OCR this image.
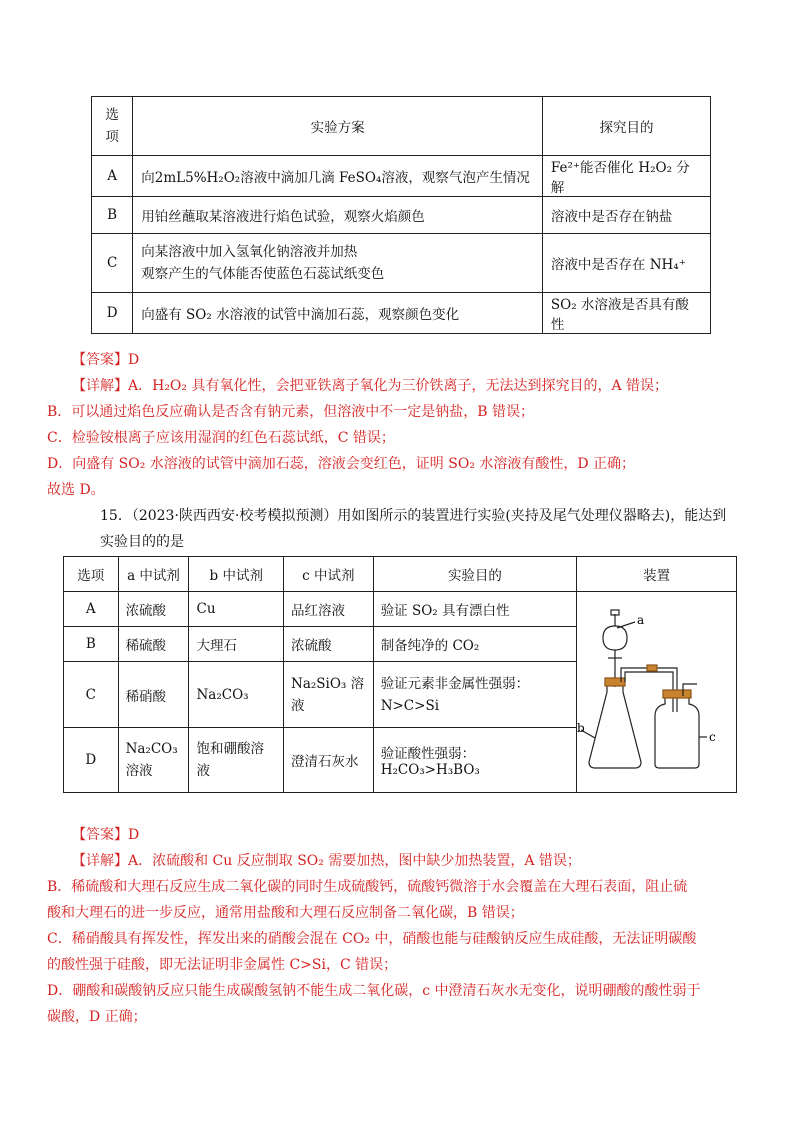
选
项	实验方案	探究目的
A	向2mL5%H₂O₂溶液中滴加几滴 FeSO₄溶液，观察气泡产生情况	Fe²⁺能否催化 H₂O₂ 分解
B	用铂丝蘸取某溶液进行焰色试验，观察火焰颜色	溶液中是否存在钠盐
C	向某溶液中加入氢氧化钠溶液并加热
观察产生的气体能否使蓝色石蕊试纸变色	溶液中是否存在 NH₄⁺
D	向盛有 SO₂ 水溶液的试管中滴加石蕊，观察颜色变化	SO₂ 水溶液是否具有酸性
【答案】D
【详解】A．H₂O₂ 具有氧化性，会把亚铁离子氧化为三价铁离子，无法达到探究目的，A 错误；
B．可以通过焰色反应确认是否含有钠元素，但溶液中不一定是钠盐，B 错误；
C．检验铵根离子应该用湿润的红色石蕊试纸，C 错误；
D．向盛有 SO₂ 水溶液的试管中滴加石蕊，溶液会变红色，证明 SO₂ 水溶液有酸性，D 正确；
故选 D。
15．（2023·陕西西安·校考模拟预测）用如图所示的装置进行实验(夹持及尾气处理仪器略去)，能达到实验目的的是
选项	a 中试剂	b 中试剂	c 中试剂	实验目的	装置
A	浓硫酸	Cu	品红溶液	验证 SO₂ 具有漂白性	a
b
c

B	稀硫酸	大理石	浓硫酸	制备纯净的 CO₂	
C	稀硝酸	Na₂CO₃	Na₂SiO₃ 溶
液	验证元素非金属性强弱：
N>C>Si	

D	Na₂CO₃
溶液	饱和硼酸溶
液	澄清石灰水	验证酸性强弱：H₂CO₃>H₃BO₃	
【答案】D
【详解】A．浓硫酸和 Cu 反应制取 SO₂ 需要加热，图中缺少加热装置，A 错误；
B．稀硫酸和大理石反应生成二氧化碳的同时生成硫酸钙，硫酸钙微溶于水会覆盖在大理石表面，阻止硫
酸和大理石的进一步反应，通常用盐酸和大理石反应制备二氧化碳，B 错误；
C．稀硝酸具有挥发性，挥发出来的硝酸会混在 CO₂ 中，硝酸也能与硅酸钠反应生成硅酸，无法证明碳酸
的酸性强于硅酸，即无法证明非金属性 C>Si，C 错误；
D．硼酸和碳酸钠反应只能生成碳酸氢钠不能生成二氧化碳，c 中澄清石灰水无变化，说明硼酸的酸性弱于
碳酸，D 正确；
